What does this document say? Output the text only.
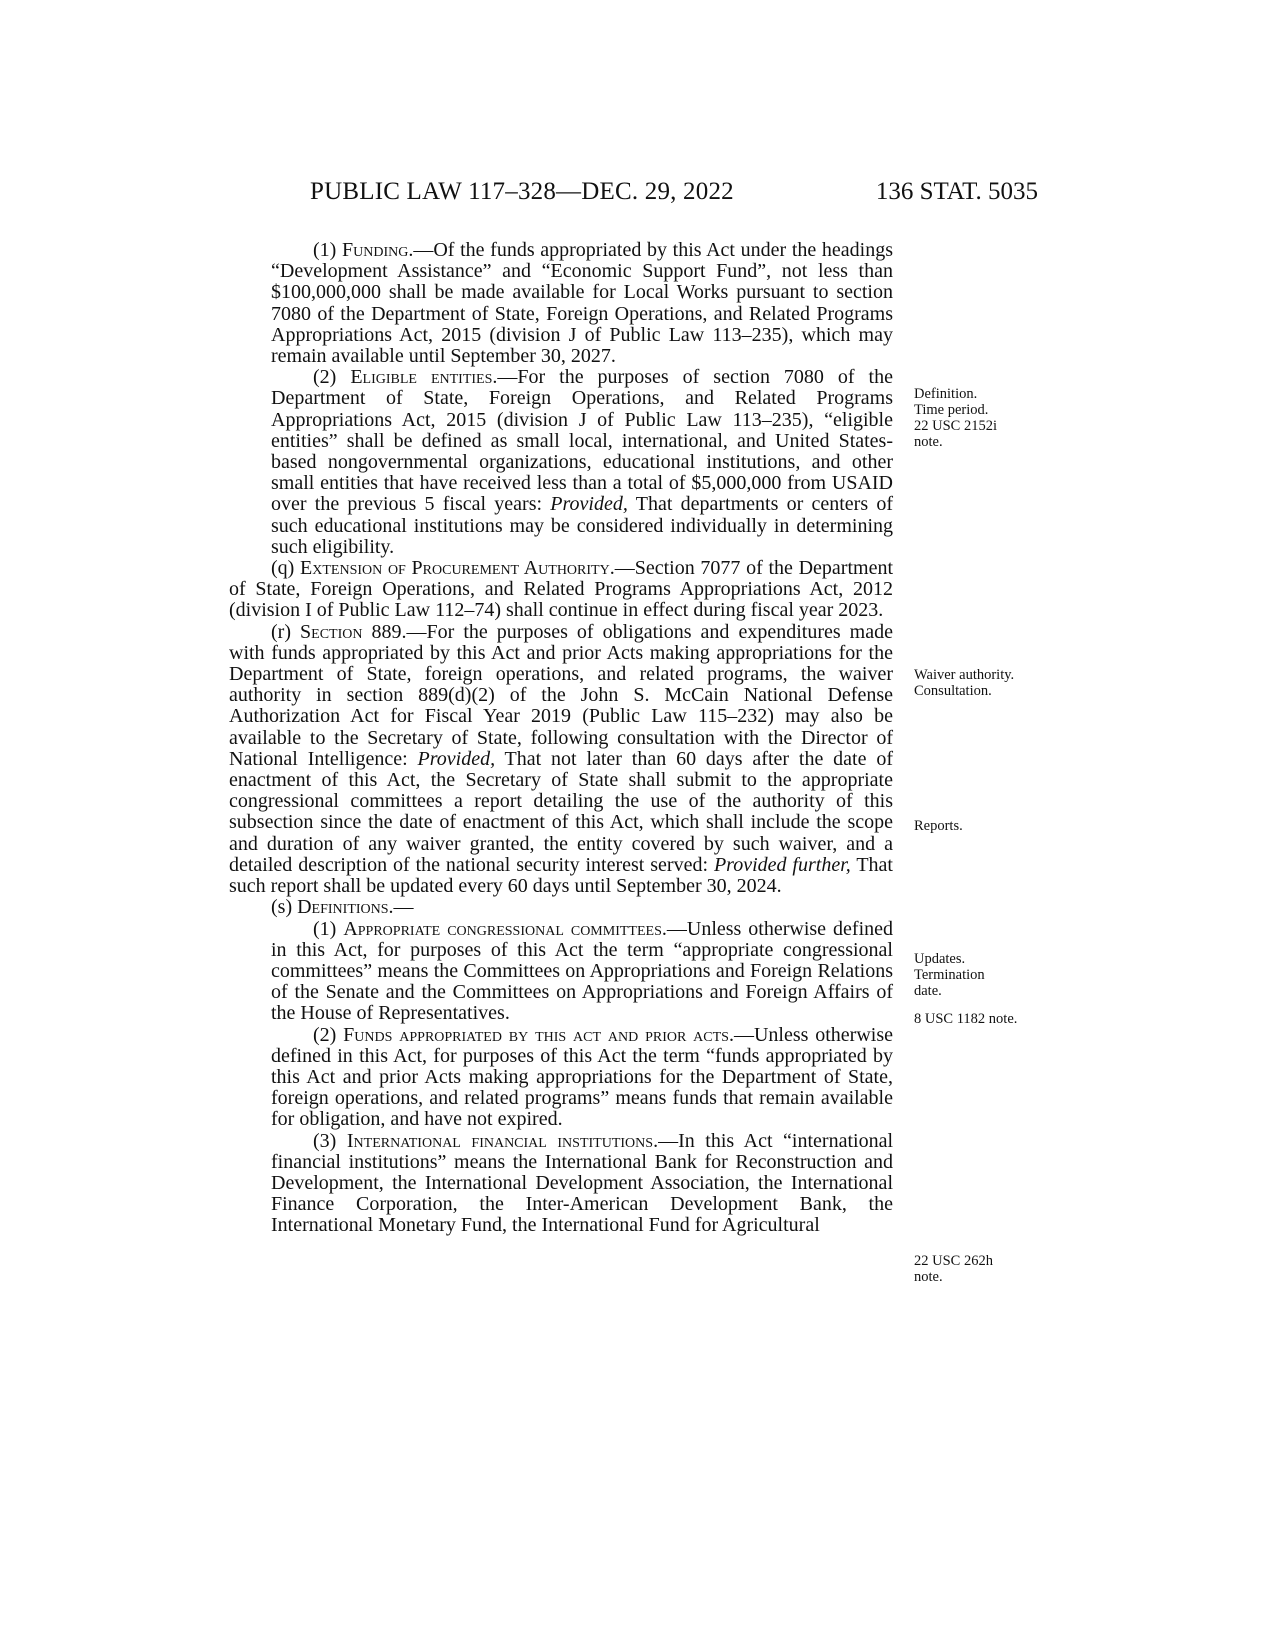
PUBLIC LAW 117–328—DEC. 29, 2022	136 STAT. 5035

(1) Funding.—Of the funds appropriated by this Act under the headings “Development Assistance” and “Economic Support Fund”, not less than $100,000,000 shall be made available for Local Works pursuant to section 7080 of the Department of State, Foreign Operations, and Related Programs Appropriations Act, 2015 (division J of Public Law 113–235), which may remain available until September 30, 2027.

(2) Eligible entities.—For the purposes of section 7080 of the Department of State, Foreign Operations, and Related Programs Appropriations Act, 2015 (division J of Public Law 113–235), “eligible entities” shall be defined as small local, international, and United States-based nongovernmental organizations, educational institutions, and other small entities that have received less than a total of $5,000,000 from USAID over the previous 5 fiscal years: Provided, That departments or centers of such educational institutions may be considered individually in determining such eligibility.

(q) Extension of Procurement Authority.—Section 7077 of the Department of State, Foreign Operations, and Related Programs Appropriations Act, 2012 (division I of Public Law 112–74) shall continue in effect during fiscal year 2023.

(r) Section 889.—For the purposes of obligations and expenditures made with funds appropriated by this Act and prior Acts making appropriations for the Department of State, foreign operations, and related programs, the waiver authority in section 889(d)(2) of the John S. McCain National Defense Authorization Act for Fiscal Year 2019 (Public Law 115–232) may also be available to the Secretary of State, following consultation with the Director of National Intelligence: Provided, That not later than 60 days after the date of enactment of this Act, the Secretary of State shall submit to the appropriate congressional committees a report detailing the use of the authority of this subsection since the date of enactment of this Act, which shall include the scope and duration of any waiver granted, the entity covered by such waiver, and a detailed description of the national security interest served: Provided further, That such report shall be updated every 60 days until September 30, 2024.

(s) Definitions.—

(1) Appropriate congressional committees.—Unless otherwise defined in this Act, for purposes of this Act the term “appropriate congressional committees” means the Committees on Appropriations and Foreign Relations of the Senate and the Committees on Appropriations and Foreign Affairs of the House of Representatives.

(2) Funds appropriated by this act and prior acts.—Unless otherwise defined in this Act, for purposes of this Act the term “funds appropriated by this Act and prior Acts making appropriations for the Department of State, foreign operations, and related programs” means funds that remain available for obligation, and have not expired.

(3) International financial institutions.—In this Act “international financial institutions” means the International Bank for Reconstruction and Development, the International Development Association, the International Finance Corporation, the Inter-American Development Bank, the International Monetary Fund, the International Fund for Agricultural

Definition.
Time period.
22 USC 2152i
note.
Waiver authority.
Consultation.
Reports.
Updates.
Termination
date.
8 USC 1182 note.
22 USC 262h
note.
